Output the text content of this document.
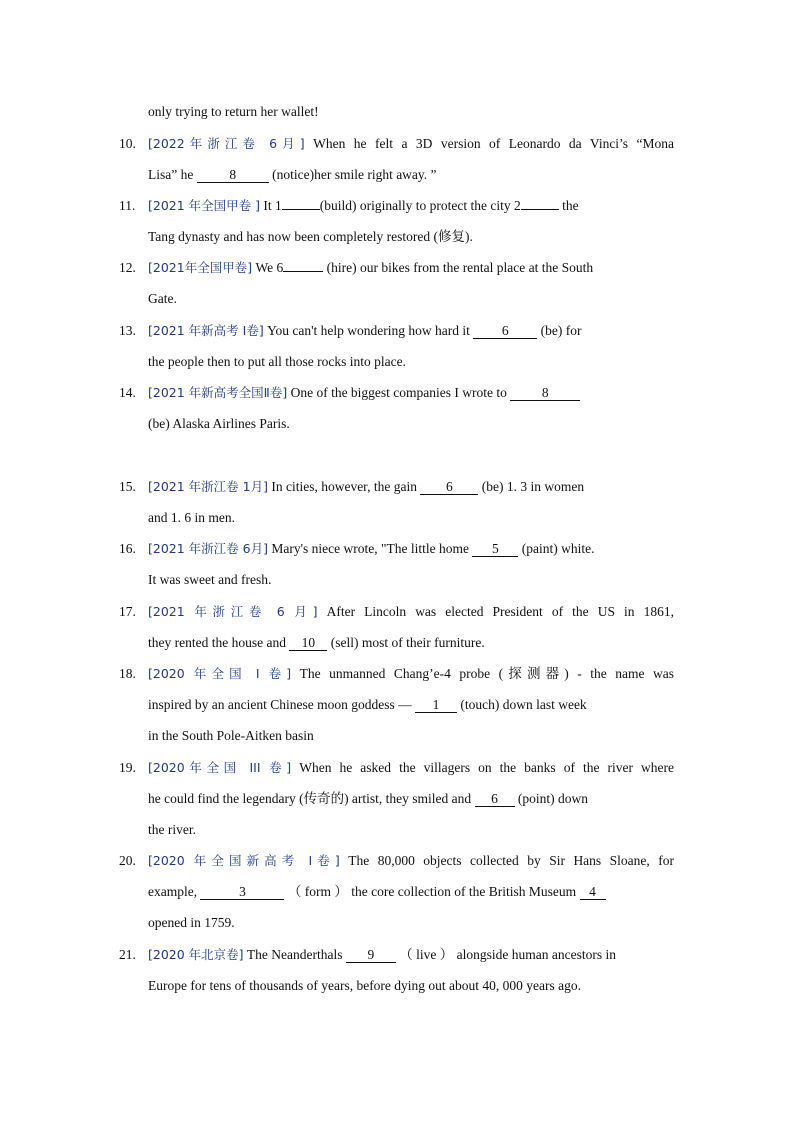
only trying to return her wallet!
10. [2022年浙江卷 6月] When he felt a 3D version of Leonardo da Vinci’s “Mona
Lisa” he	8	(notice)her smile right away. ”
11. [2021 年全国甲卷 ] It 1	(build) originally to protect the city 2	the
Tang dynasty and has now been completely restored (修复).
12. [2021年全国甲卷] We 6	(hire) our bikes from the rental place at the South
Gate.
13. [2021 年新高考 Ⅰ卷] You can't help wondering how hard it 6 (be) for
the people then to put all those rocks into place.
14. [2021 年新高考全国Ⅱ卷] One of the biggest companies I wrote to	8
(be) Alaska Airlines Paris.
15. [2021 年浙江卷 1月] In cities, however, the gain 6 (be) 1. 3 in women
and 1. 6 in men.
16. [2021 年浙江卷 6月] Mary's niece wrote, "The little home 5 (paint) white.
It was sweet and fresh.
17. [2021 年浙江卷 6 月] After Lincoln was elected President of the US in 1861,
they rented the house and 10 (sell) most of their furniture.
18. [2020 年全国 I 卷] The unmanned Chang’e-4 probe (探测器) - the name was
inspired by an ancient Chinese moon goddess — 1 (touch) down last week
in the South Pole-Aitken basin
19. [2020年全国 III 卷] When he asked the villagers on the banks of the river where
he could find the legendary (传奇的) artist, they smiled and 6 (point) down
the river.
20. [2020 年全国新高考 Ⅰ卷] The 80,000 objects collected by Sir Hans Sloane, for
example,	3	（ form ） the core collection of the British Museum 4
opened in 1759.
21. [2020 年北京卷] The Neanderthals 9 （ live ） alongside human ancestors in
Europe for tens of thousands of years, before dying out about 40, 000 years ago.
